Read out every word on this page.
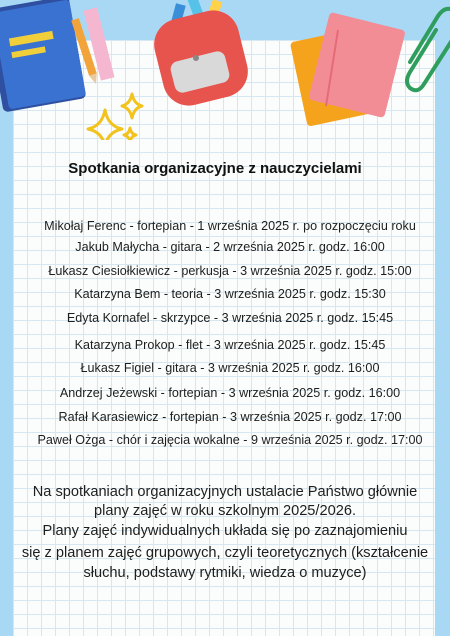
Spotkania organizacyjne z nauczycielami

Mikołaj Ferenc - fortepian - 1 września 2025 r. po rozpoczęciu roku

Jakub Małycha - gitara - 2 września 2025 r. godz. 16:00

Łukasz Ciesiołkiewicz - perkusja - 3 września 2025 r. godz. 15:00

Katarzyna Bem - teoria - 3 września 2025 r. godz. 15:30

Edyta Kornafel - skrzypce - 3 września 2025 r. godz. 15:45

Katarzyna Prokop - flet - 3 września 2025 r. godz. 15:45

Łukasz Figiel - gitara - 3 września 2025 r. godz. 16:00

Andrzej Jeżewski - fortepian - 3 września 2025 r. godz. 16:00

Rafał Karasiewicz - fortepian - 3 września 2025 r. godz. 17:00

Paweł Ożga - chór i zajęcia wokalne - 9 września 2025 r. godz. 17:00

Na spotkaniach organizacyjnych ustalacie Państwo głównie

plany zajęć w roku szkolnym 2025/2026.

Plany zajęć indywidualnych układa się po zaznajomieniu

się z planem zajęć grupowych, czyli teoretycznych (kształcenie

słuchu, podstawy rytmiki, wiedza o muzyce)
